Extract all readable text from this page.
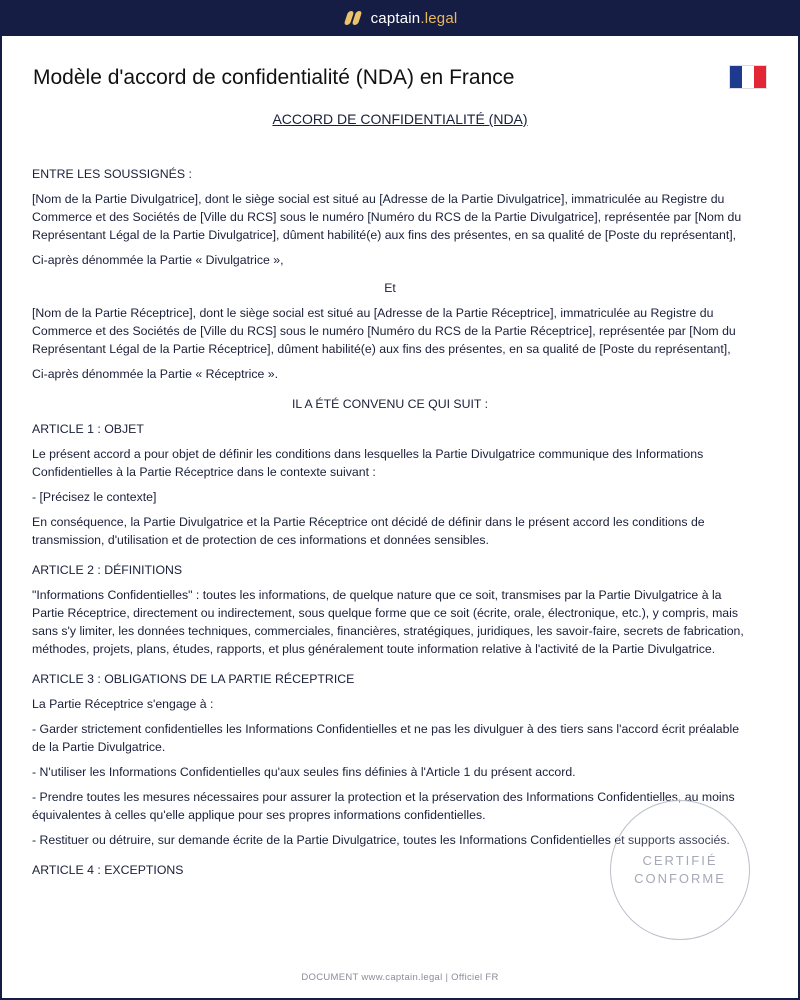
captain.legal
Modèle d'accord de confidentialité (NDA) en France
ACCORD DE CONFIDENTIALITÉ (NDA)

ENTRE LES SOUSSIGNÉS :

[Nom de la Partie Divulgatrice], dont le siège social est situé au [Adresse de la Partie Divulgatrice], immatriculée au Registre du Commerce et des Sociétés de [Ville du RCS] sous le numéro [Numéro du RCS de la Partie Divulgatrice], représentée par [Nom du Représentant Légal de la Partie Divulgatrice], dûment habilité(e) aux fins des présentes, en sa qualité de [Poste du représentant],

Ci-après dénommée la Partie « Divulgatrice »,

Et

[Nom de la Partie Réceptrice], dont le siège social est situé au [Adresse de la Partie Réceptrice], immatriculée au Registre du Commerce et des Sociétés de [Ville du RCS] sous le numéro [Numéro du RCS de la Partie Réceptrice], représentée par [Nom du Représentant Légal de la Partie Réceptrice], dûment habilité(e) aux fins des présentes, en sa qualité de [Poste du représentant],

Ci-après dénommée la Partie « Réceptrice ».

IL A ÉTÉ CONVENU CE QUI SUIT :

ARTICLE 1 : OBJET

Le présent accord a pour objet de définir les conditions dans lesquelles la Partie Divulgatrice communique des Informations Confidentielles à la Partie Réceptrice dans le contexte suivant :

- [Précisez le contexte]

En conséquence, la Partie Divulgatrice et la Partie Réceptrice ont décidé de définir dans le présent accord les conditions de transmission, d'utilisation et de protection de ces informations et données sensibles.

ARTICLE 2 : DÉFINITIONS

"Informations Confidentielles" : toutes les informations, de quelque nature que ce soit, transmises par la Partie Divulgatrice à la Partie Réceptrice, directement ou indirectement, sous quelque forme que ce soit (écrite, orale, électronique, etc.), y compris, mais sans s'y limiter, les données techniques, commerciales, financières, stratégiques, juridiques, les savoir-faire, secrets de fabrication, méthodes, projets, plans, études, rapports, et plus généralement toute information relative à l'activité de la Partie Divulgatrice.

ARTICLE 3 : OBLIGATIONS DE LA PARTIE RÉCEPTRICE

La Partie Réceptrice s'engage à :

- Garder strictement confidentielles les Informations Confidentielles et ne pas les divulguer à des tiers sans l'accord écrit préalable de la Partie Divulgatrice.

- N'utiliser les Informations Confidentielles qu'aux seules fins définies à l'Article 1 du présent accord.

- Prendre toutes les mesures nécessaires pour assurer la protection et la préservation des Informations Confidentielles, au moins équivalentes à celles qu'elle applique pour ses propres informations confidentielles.

- Restituer ou détruire, sur demande écrite de la Partie Divulgatrice, toutes les Informations Confidentielles et supports associés.

ARTICLE 4 : EXCEPTIONS

CERTIFIÉ
CONFORME
DOCUMENT www.captain.legal | Officiel FR
